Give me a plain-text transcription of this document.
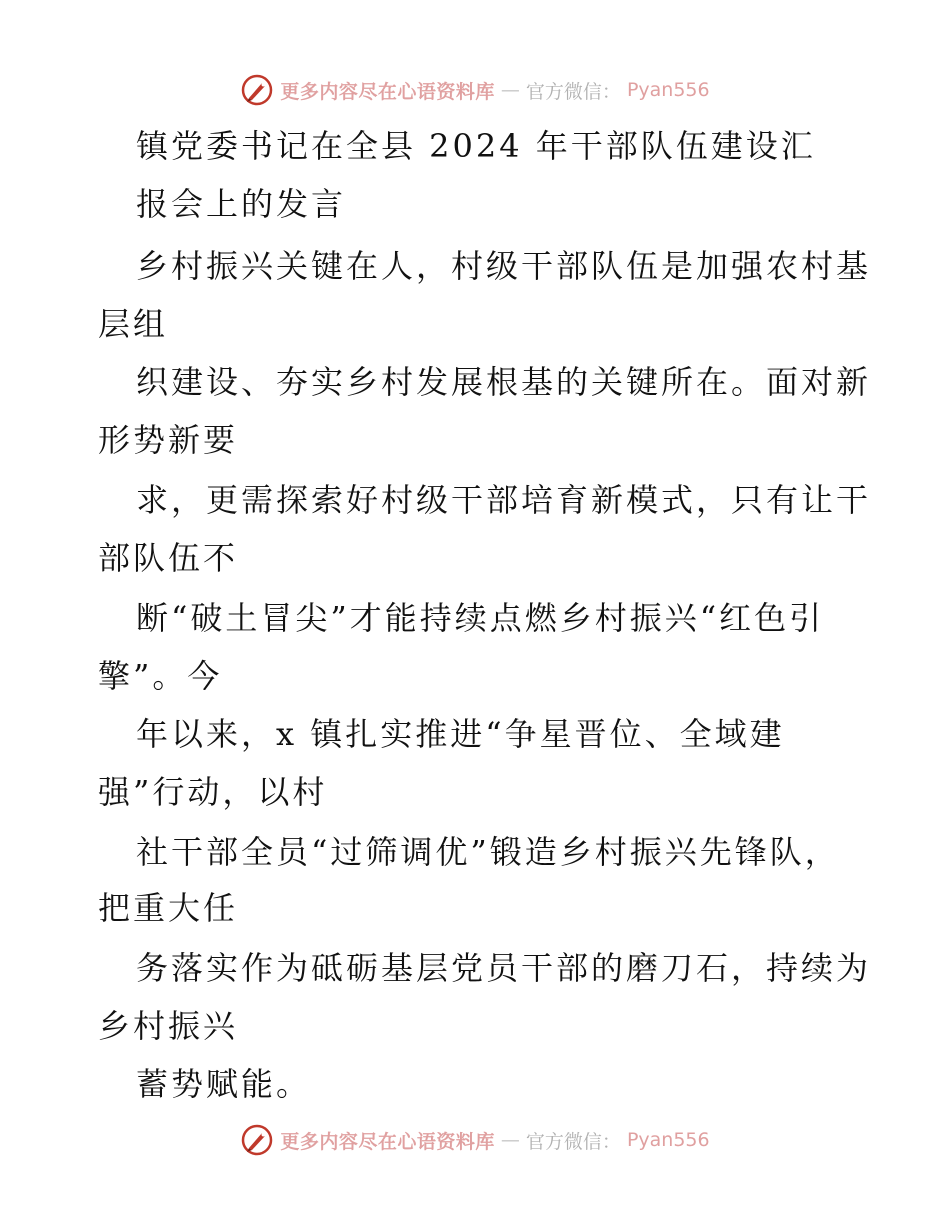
更多内容尽在心语资料库 — 官方微信： Pyan556
镇党委书记在全县 2024 年干部队伍建设汇
报会上的发言
乡村振兴关键在人，村级干部队伍是加强农村基
层组
织建设、夯实乡村发展根基的关键所在。面对新
形势新要
求，更需探索好村级干部培育新模式，只有让干
部队伍不
断“破土冒尖”才能持续点燃乡村振兴“红色引
擎”。今
年以来，x 镇扎实推进“争星晋位、全域建
强”行动，以村
社干部全员“过筛调优”锻造乡村振兴先锋队，
把重大任
务落实作为砥砺基层党员干部的磨刀石，持续为
乡村振兴
蓄势赋能。
更多内容尽在心语资料库 — 官方微信： Pyan556
